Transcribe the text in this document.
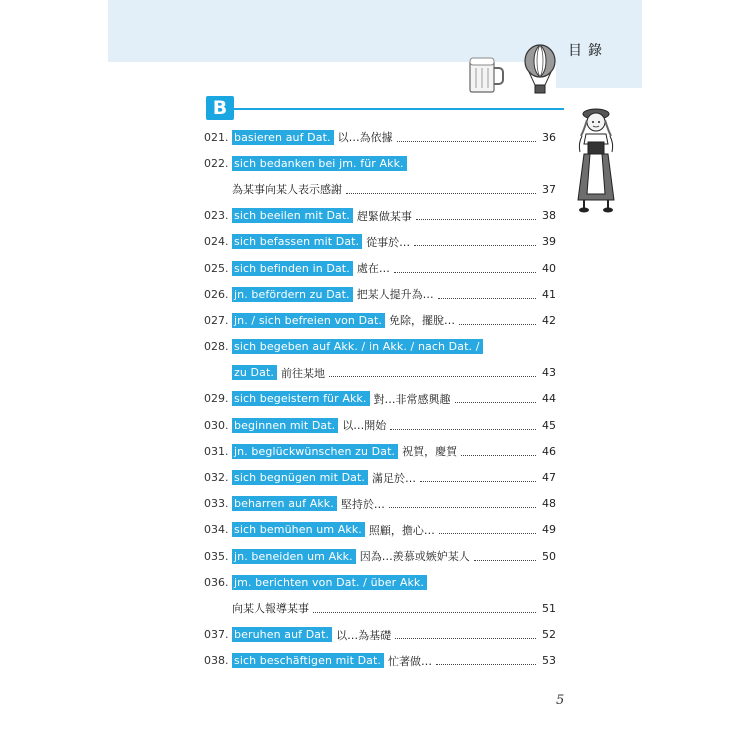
目錄
B
021. basieren auf Dat. 以…為依據	36
022. sich bedanken bei jm. für Akk.
為某事向某人表示感謝	37
023. sich beeilen mit Dat. 趕緊做某事	38
024. sich befassen mit Dat. 從事於…	39
025. sich befinden in Dat. 處在…	40
026. jn. befördern zu Dat. 把某人提升為…	41
027. jn. / sich befreien von Dat. 免除，擺脫…	42
028. sich begeben auf Akk. / in Akk. / nach Dat. /
zu Dat. 前往某地	43
029. sich begeistern für Akk. 對…非常感興趣	44
030. beginnen mit Dat. 以…開始	45
031. jn. beglückwünschen zu Dat. 祝賀，慶賀	46
032. sich begnügen mit Dat. 滿足於…	47
033. beharren auf Akk. 堅持於…	48
034. sich bemühen um Akk. 照顧，擔心…	49
035. jn. beneiden um Akk. 因為…羨慕或嫉妒某人	50
036. jm. berichten von Dat. / über Akk.
向某人報導某事	51
037. beruhen auf Dat. 以…為基礎	52
038. sich beschäftigen mit Dat. 忙著做…	53
5
